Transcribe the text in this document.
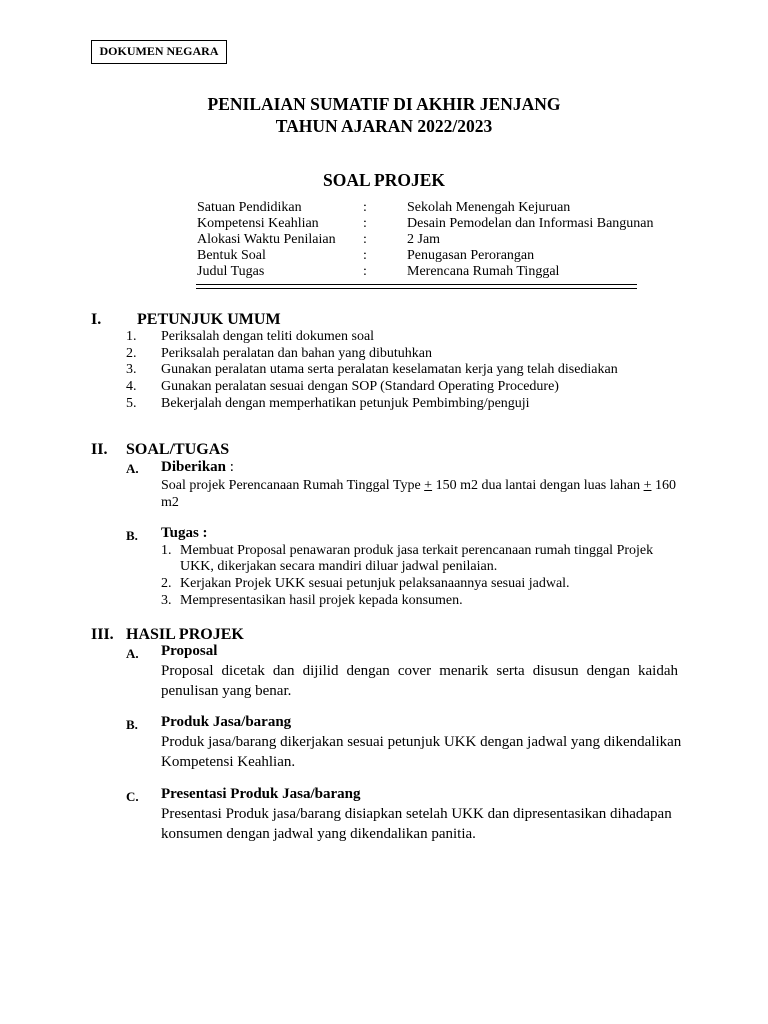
DOKUMEN NEGARA
PENILAIAN SUMATIF DI AKHIR JENJANG
TAHUN AJARAN 2022/2023
SOAL PROJEK
Satuan Pendidikan	:	Sekolah Menengah Kejuruan
Kompetensi Keahlian	:	Desain Pemodelan dan Informasi Bangunan
Alokasi Waktu Penilaian :	2 Jam
Bentuk Soal	:	Penugasan Perorangan
Judul Tugas	:	Merencana Rumah Tinggal
I. PETUNJUK UMUM
1. Periksalah dengan teliti dokumen soal
2. Periksalah peralatan dan bahan yang dibutuhkan
3. Gunakan peralatan utama serta peralatan keselamatan kerja yang telah disediakan
4. Gunakan peralatan sesuai dengan SOP (Standard Operating Procedure)
5. Bekerjalah dengan memperhatikan petunjuk Pembimbing/penguji
II. SOAL/TUGAS
A. Diberikan :
Soal projek Perencanaan Rumah Tinggal Type + 150 m2 dua lantai dengan luas lahan + 160
m2
B. Tugas :
1. Membuat Proposal penawaran produk jasa terkait perencanaan rumah tinggal Projek
UKK, dikerjakan secara mandiri diluar jadwal penilaian.
2. Kerjakan Projek UKK sesuai petunjuk pelaksanaannya sesuai jadwal.
3. Mempresentasikan hasil projek kepada konsumen.
III. HASIL PROJEK
A. Proposal
Proposal dicetak dan dijilid dengan cover menarik serta disusun dengan kaidah penulisan yang benar.
B. Produk Jasa/barang
Produk jasa/barang dikerjakan sesuai petunjuk UKK dengan jadwal yang dikendalikan Kompetensi Keahlian.
C. Presentasi Produk Jasa/barang
Presentasi Produk jasa/barang disiapkan setelah UKK dan dipresentasikan dihadapan konsumen dengan jadwal yang dikendalikan panitia.
